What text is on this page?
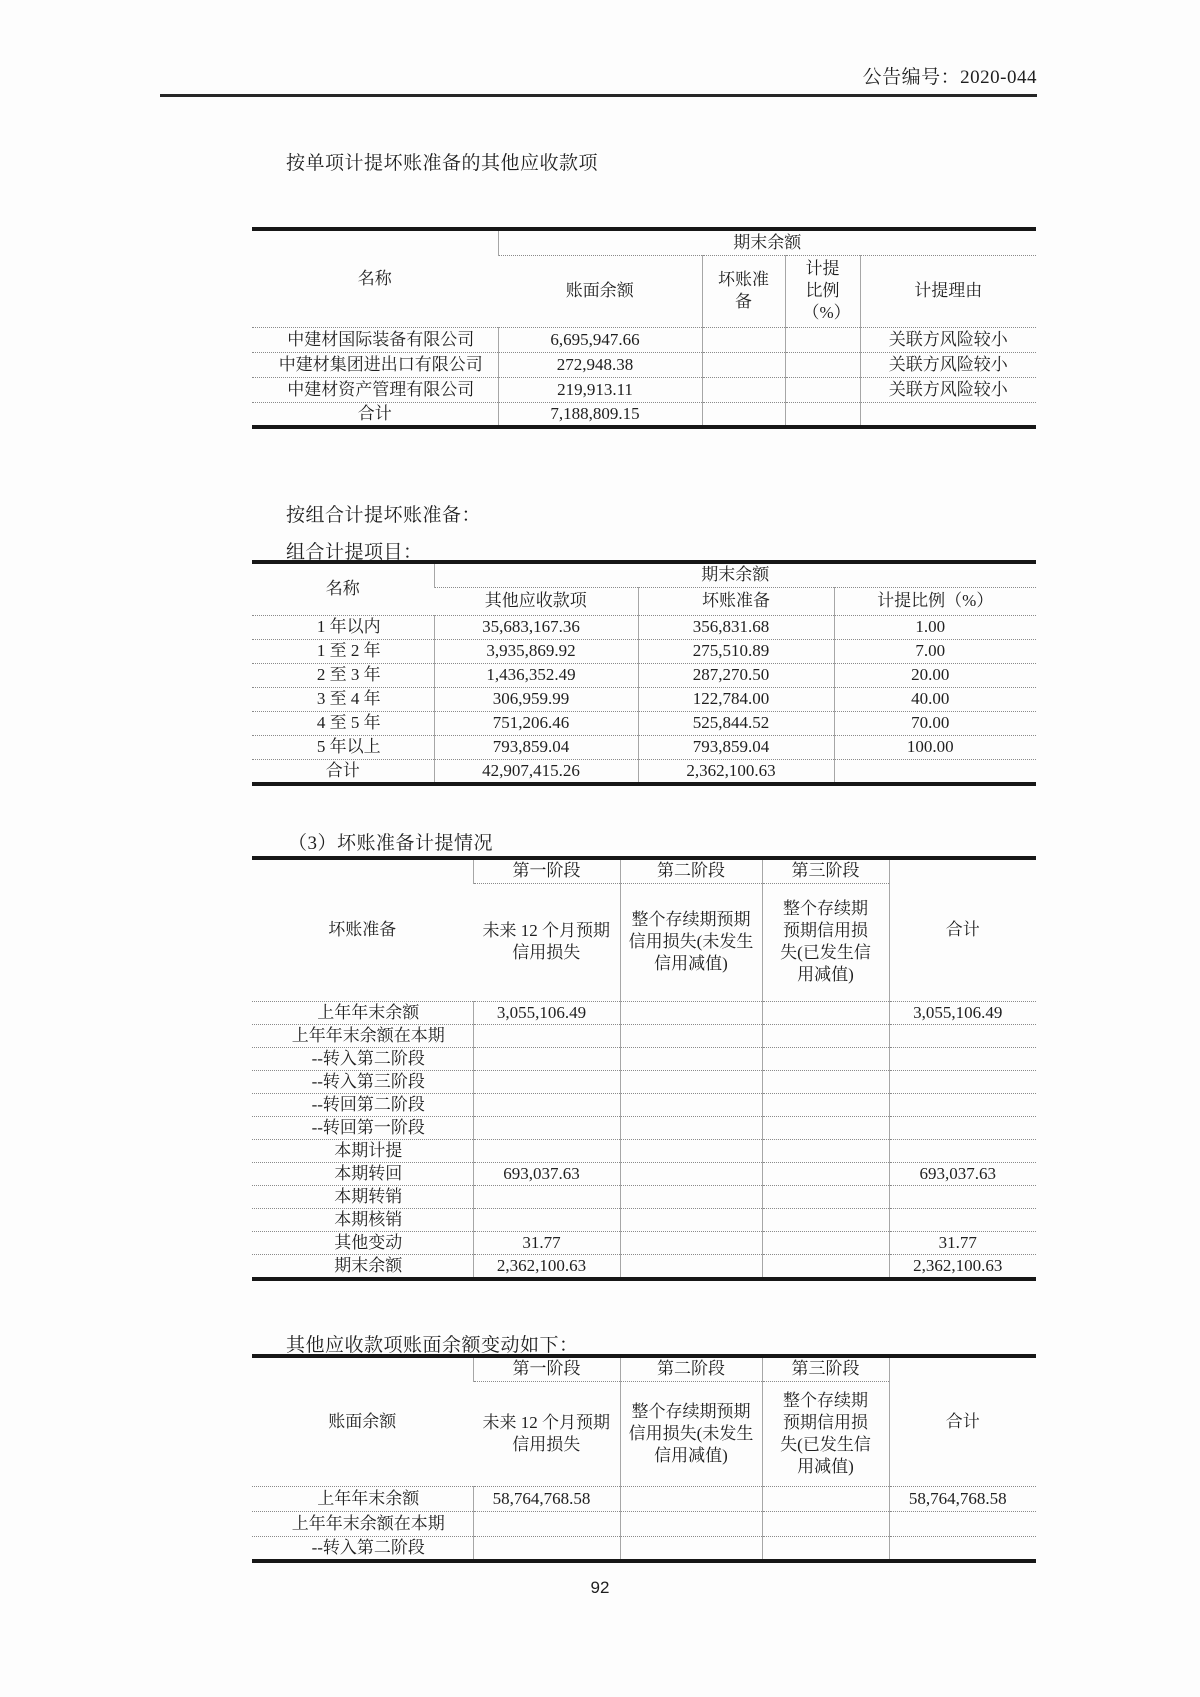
公告编号：2020-044
按单项计提坏账准备的其他应收款项
名称	期末余额			
	账面余额	坏账准备	计提比例（%）	计提理由
中建材国际装备有限公司	6,695,947.66			关联方风险较小
中建材集团进出口有限公司	272,948.38			关联方风险较小
中建材资产管理有限公司	219,913.11			关联方风险较小
合计	7,188,809.15			
按组合计提坏账准备：
组合计提项目：
名称	期末余额		
	其他应收款项	坏账准备	计提比例（%）
1 年以内	35,683,167.36	356,831.68	1.00
1 至 2 年	3,935,869.92	275,510.89	7.00
2 至 3 年	1,436,352.49	287,270.50	20.00
3 至 4 年	306,959.99	122,784.00	40.00
4 至 5 年	751,206.46	525,844.52	70.00
5 年以上	793,859.04	793,859.04	100.00
合计	42,907,415.26	2,362,100.63	
（3）坏账准备计提情况
坏账准备	第一阶段	第二阶段	第三阶段	合计
	未来 12 个月预期信用损失	整个存续期预期信用损失(未发生信用减值)	整个存续期预期信用损失(已发生信用减值)	
上年年末余额	3,055,106.49			3,055,106.49
上年年末余额在本期				
--转入第二阶段				
--转入第三阶段				
--转回第二阶段				
--转回第一阶段				
本期计提				
本期转回	693,037.63			693,037.63
本期转销				
本期核销				
其他变动	31.77			31.77
期末余额	2,362,100.63			2,362,100.63
其他应收款项账面余额变动如下：
账面余额	第一阶段	第二阶段	第三阶段	合计
	未来 12 个月预期信用损失	整个存续期预期信用损失(未发生信用减值)	整个存续期预期信用损失(已发生信用减值)	
上年年末余额	58,764,768.58			58,764,768.58
上年年末余额在本期				
--转入第二阶段				
92
